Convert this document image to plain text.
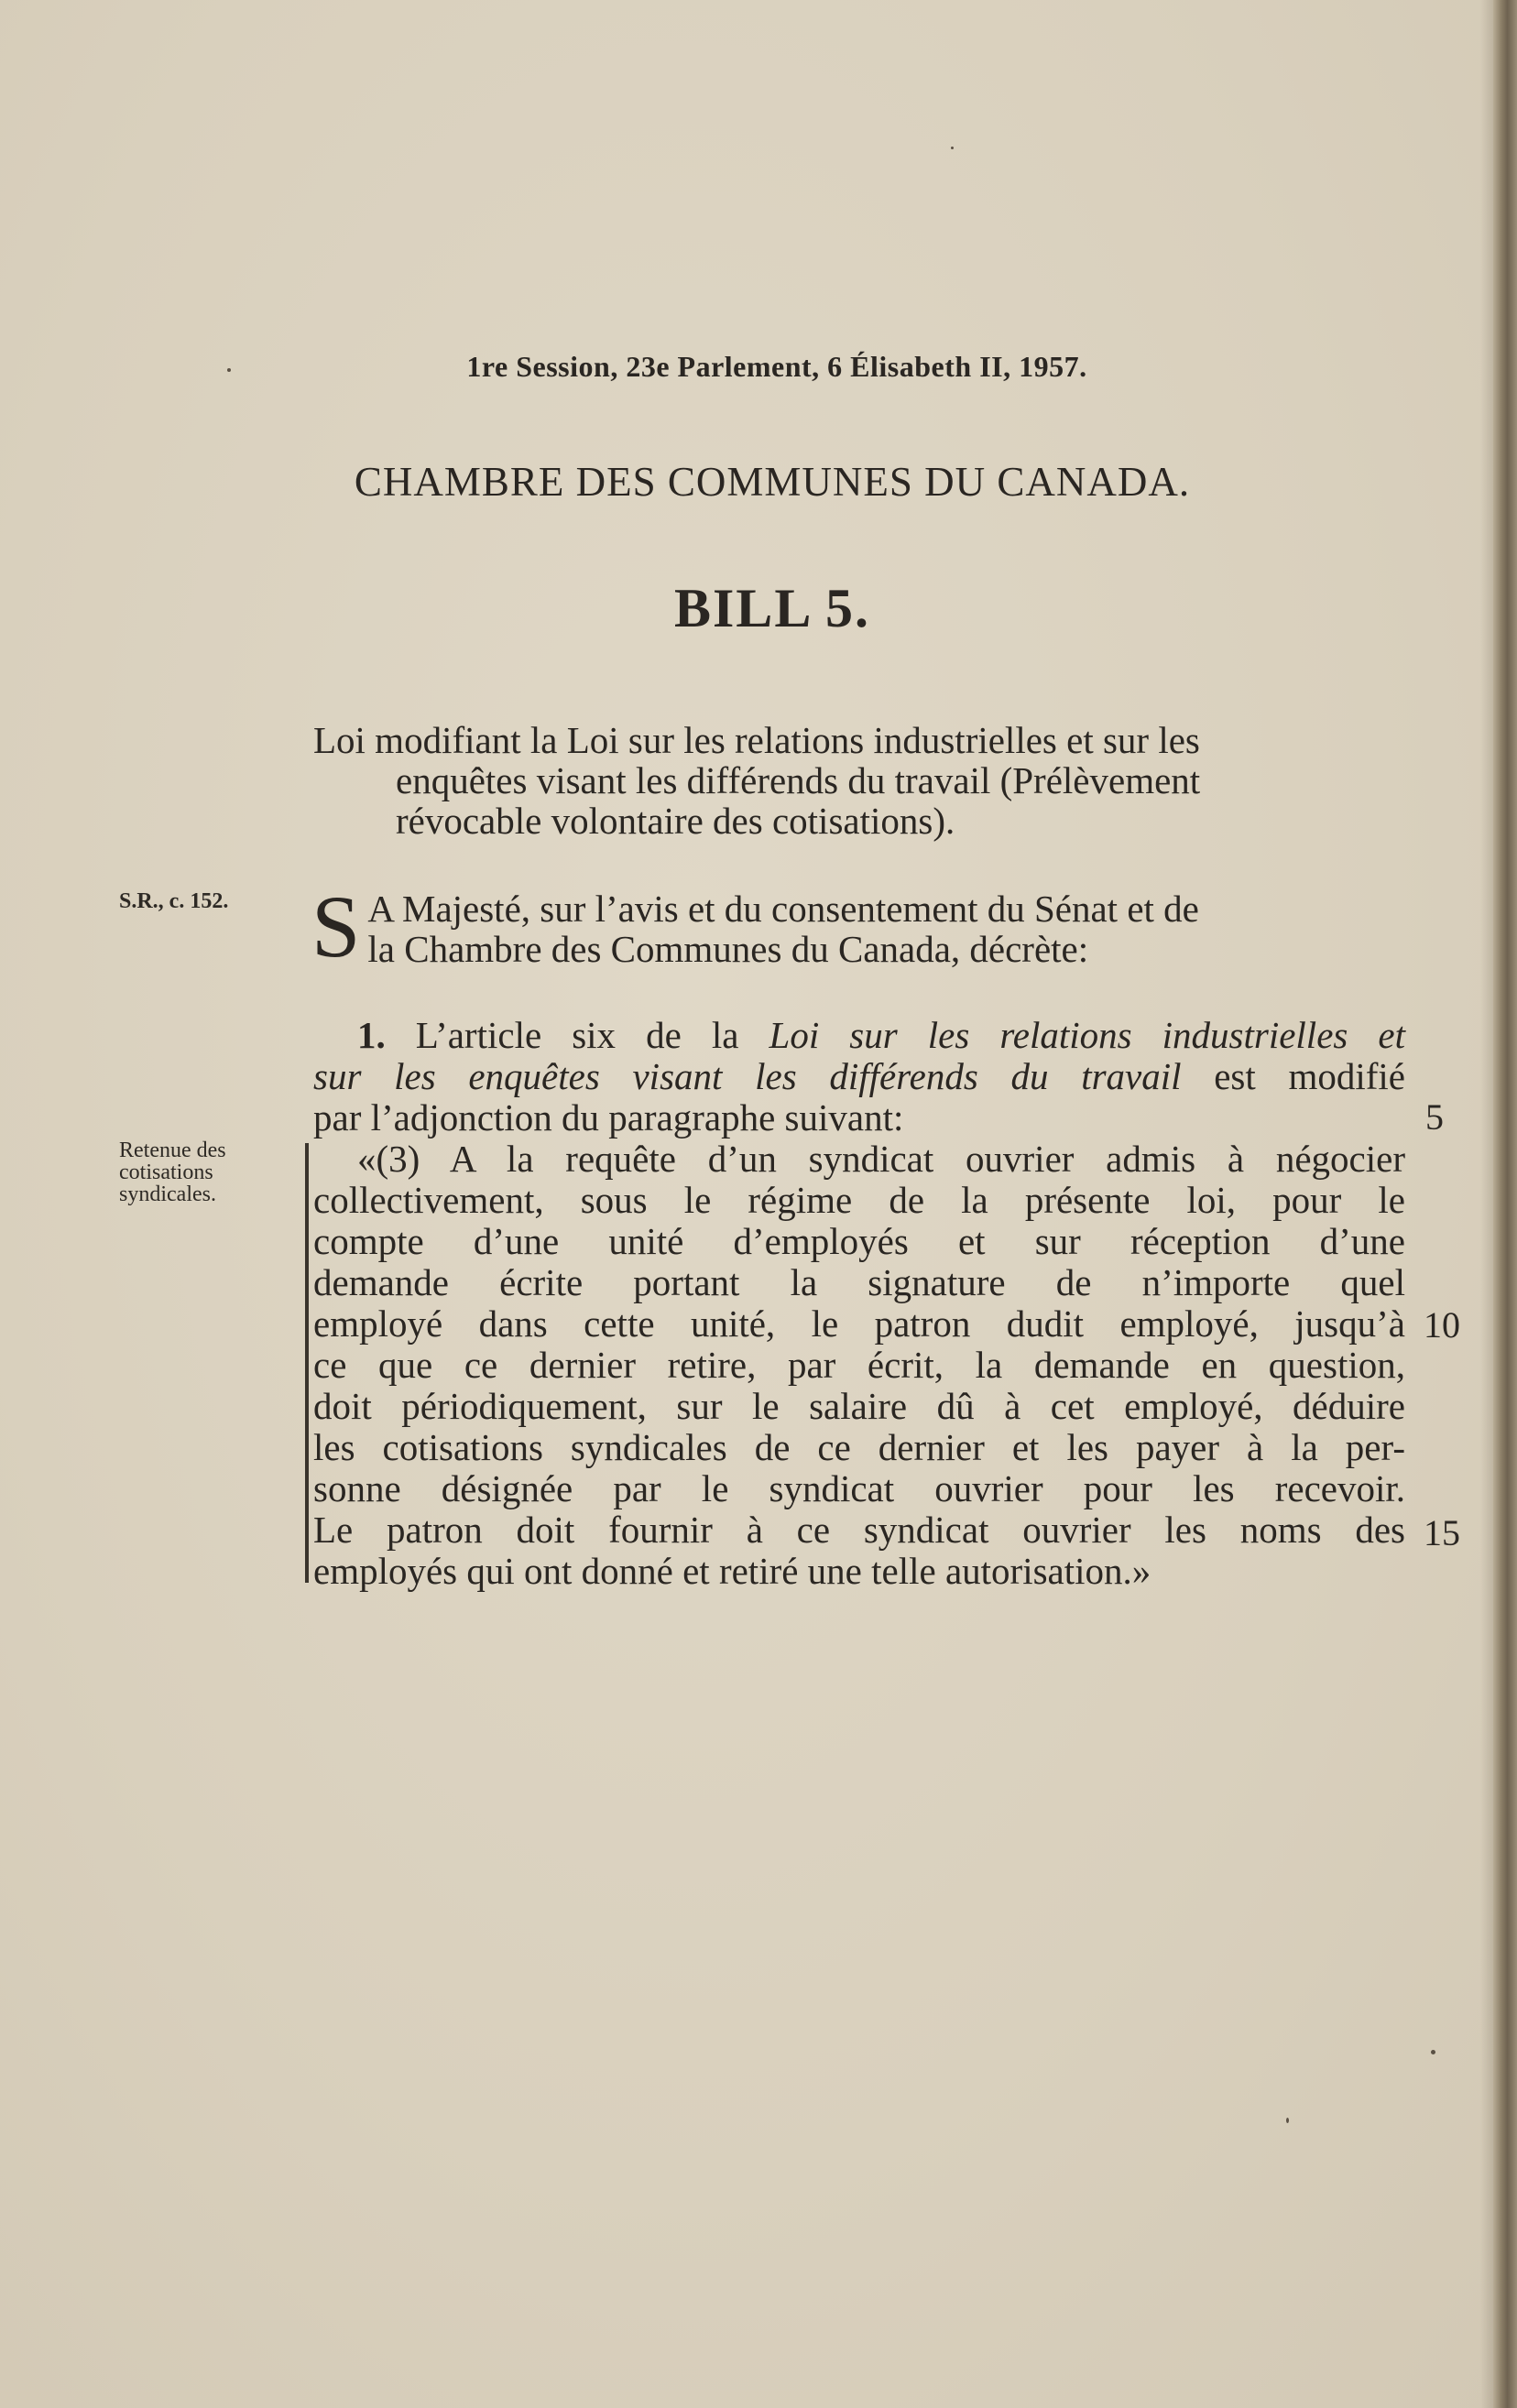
1re Session, 23e Parlement, 6 Élisabeth II, 1957.
CHAMBRE DES COMMUNES DU CANADA.
BILL 5.
Loi modifiant la Loi sur les relations industrielles et sur les
enquêtes visant les différends du travail (Prélèvement
révocable volontaire des cotisations).
S.R., c. 152. S A Majesté, sur l’avis et du consentement du Sénat et de
la Chambre des Communes du Canada, décrète:
Retenue des
cotisations
syndicales.
1. L’article six de la Loi sur les relations industrielles et
sur les enquêtes visant les différends du travail est modifié
par l’adjonction du paragraphe suivant:
«(3) A la requête d’un syndicat ouvrier admis à négocier
collectivement, sous le régime de la présente loi, pour le
compte d’une unité d’employés et sur réception d’une
demande écrite portant la signature de n’importe quel
employé dans cette unité, le patron dudit employé, jusqu’à
ce que ce dernier retire, par écrit, la demande en question,
doit périodiquement, sur le salaire dû à cet employé, déduire
les cotisations syndicales de ce dernier et les payer à la per-
sonne désignée par le syndicat ouvrier pour les recevoir.
Le patron doit fournir à ce syndicat ouvrier les noms des
employés qui ont donné et retiré une telle autorisation.»
5
10
15
